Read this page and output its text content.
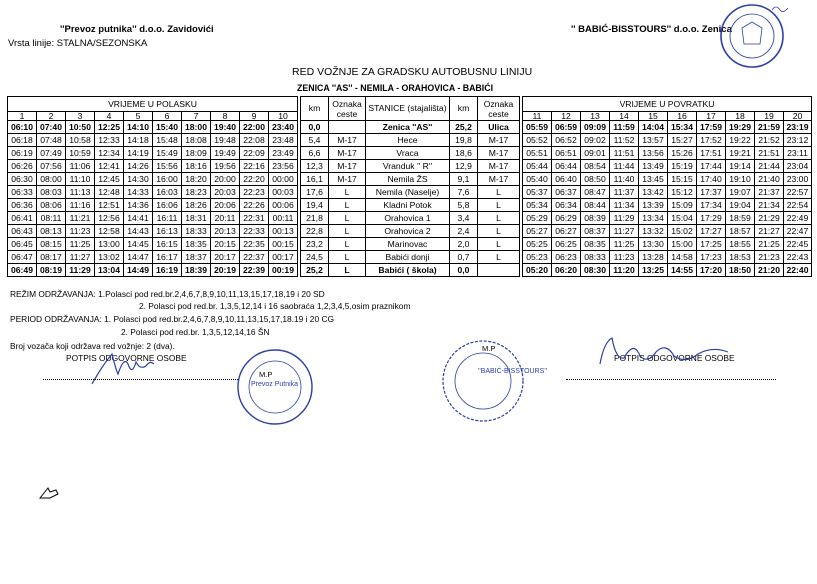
''Prevoz putnika'' d.o.o. Zavidovići
Vrsta linije: STALNA/SEZONSKA
'' BABIĆ-BISSTOURS'' d.o.o. Zenica
RED VOŽNJE ZA GRADSKU AUTOBUSNU LINIJU
ZENICA ''AS'' - NEMILA - ORAHOVICA - BABIĆI
VRIJEME U POLASKU											km	Oznaka ceste	STANICE (stajališta)	km	Oznaka ceste		VRIJEME U POVRATKU									
1	2	3	4	5	6	7	8	9	10								11	12	13	14	15	16	17	18	19	20
06:10	07:40	10:50	12:25	14:10	15:40	18:00	19:40	22:00	23:40		0,0		Zenica ''AS''	25,2	Ulica		05:59	06:59	09:09	11:59	14:04	15:34	17:59	19:29	21:59	23:19
06:18	07:48	10:58	12:33	14:18	15:48	18:08	19:48	22:08	23:48		5,4	M-17	Hece	19,8	M-17		05:52	06:52	09:02	11:52	13:57	15:27	17:52	19:22	21:52	23:12
06:19	07:49	10:59	12:34	14:19	15:49	18:09	19:49	22:09	23:49		6,6	M-17	Vraca	18,6	M-17		05:51	06:51	09:01	11:51	13:56	15:26	17:51	19:21	21:51	23:11
06:26	07:56	11:06	12:41	14:26	15:56	18:16	19:56	22:16	23:56		12,3	M-17	Vranduk '' R''	12,9	M-17		05:44	06:44	08:54	11:44	13:49	15:19	17:44	19:14	21:44	23:04
06:30	08:00	11:10	12:45	14:30	16:00	18:20	20:00	22:20	00:00		16,1	M-17	Nemila ŽS	9,1	M-17		05:40	06:40	08:50	11:40	13:45	15:15	17:40	19:10	21:40	23:00
06:33	08:03	11:13	12:48	14:33	16:03	18:23	20:03	22:23	00:03		17,6	L	Nemila (Naselje)	7,6	L		05:37	06:37	08:47	11:37	13:42	15:12	17:37	19:07	21:37	22:57
06:36	08:06	11:16	12:51	14:36	16:06	18:26	20:06	22:26	00:06		19,4	L	Kladni Potok	5,8	L		05:34	06:34	08:44	11:34	13:39	15:09	17:34	19:04	21:34	22:54
06:41	08:11	11:21	12:56	14:41	16:11	18:31	20:11	22:31	00:11		21,8	L	Orahovica 1	3,4	L		05:29	06:29	08:39	11:29	13:34	15:04	17:29	18:59	21:29	22:49
06:43	08:13	11:23	12:58	14:43	16:13	18:33	20:13	22:33	00:13		22,8	L	Orahovica 2	2,4	L		05:27	06:27	08:37	11:27	13:32	15:02	17:27	18:57	21:27	22:47
06:45	08:15	11:25	13:00	14:45	16:15	18:35	20:15	22:35	00:15		23,2	L	Marinovac	2,0	L		05:25	06:25	08:35	11:25	13:30	15:00	17:25	18:55	21:25	22:45
06:47	08:17	11:27	13:02	14:47	16:17	18:37	20:17	22:37	00:17		24,5	L	Babići donji	0,7	L		05:23	06:23	08:33	11:23	13:28	14:58	17:23	18:53	21:23	22:43
06:49	08:19	11:29	13:04	14:49	16:19	18:39	20:19	22:39	00:19		25,2	L	Babići ( škola)	0,0			05:20	06:20	08:30	11:20	13:25	14:55	17:20	18:50	21:20	22:40
REŽIM ODRŽAVANJA: 1.Polasci pod red.br.2,4,6,7,8,9,10,11,13,15,17,18,19 i 20 SD
2. Polasci pod red.br. 1,3,5,12,14 i 16 saobraća 1,2,3,4,5,osim praznikom
PERIOD ODRŽAVANJA: 1. Polasci pod red.br.2,4,6,7,8,9,10,11,13,15,17,18.19 i 20 CG
2. Polasci pod red.br. 1,3,5,12,14,16 ŠN
Broj vozača koji održava red vožnje: 2 (dva).
POTPIS ODGOVORNE OSOBE
M.P
Prevoz Putnika
''BABIĆ-BISSTOURS''
M.P
POTPIS ODGOVORNE OSOBE
